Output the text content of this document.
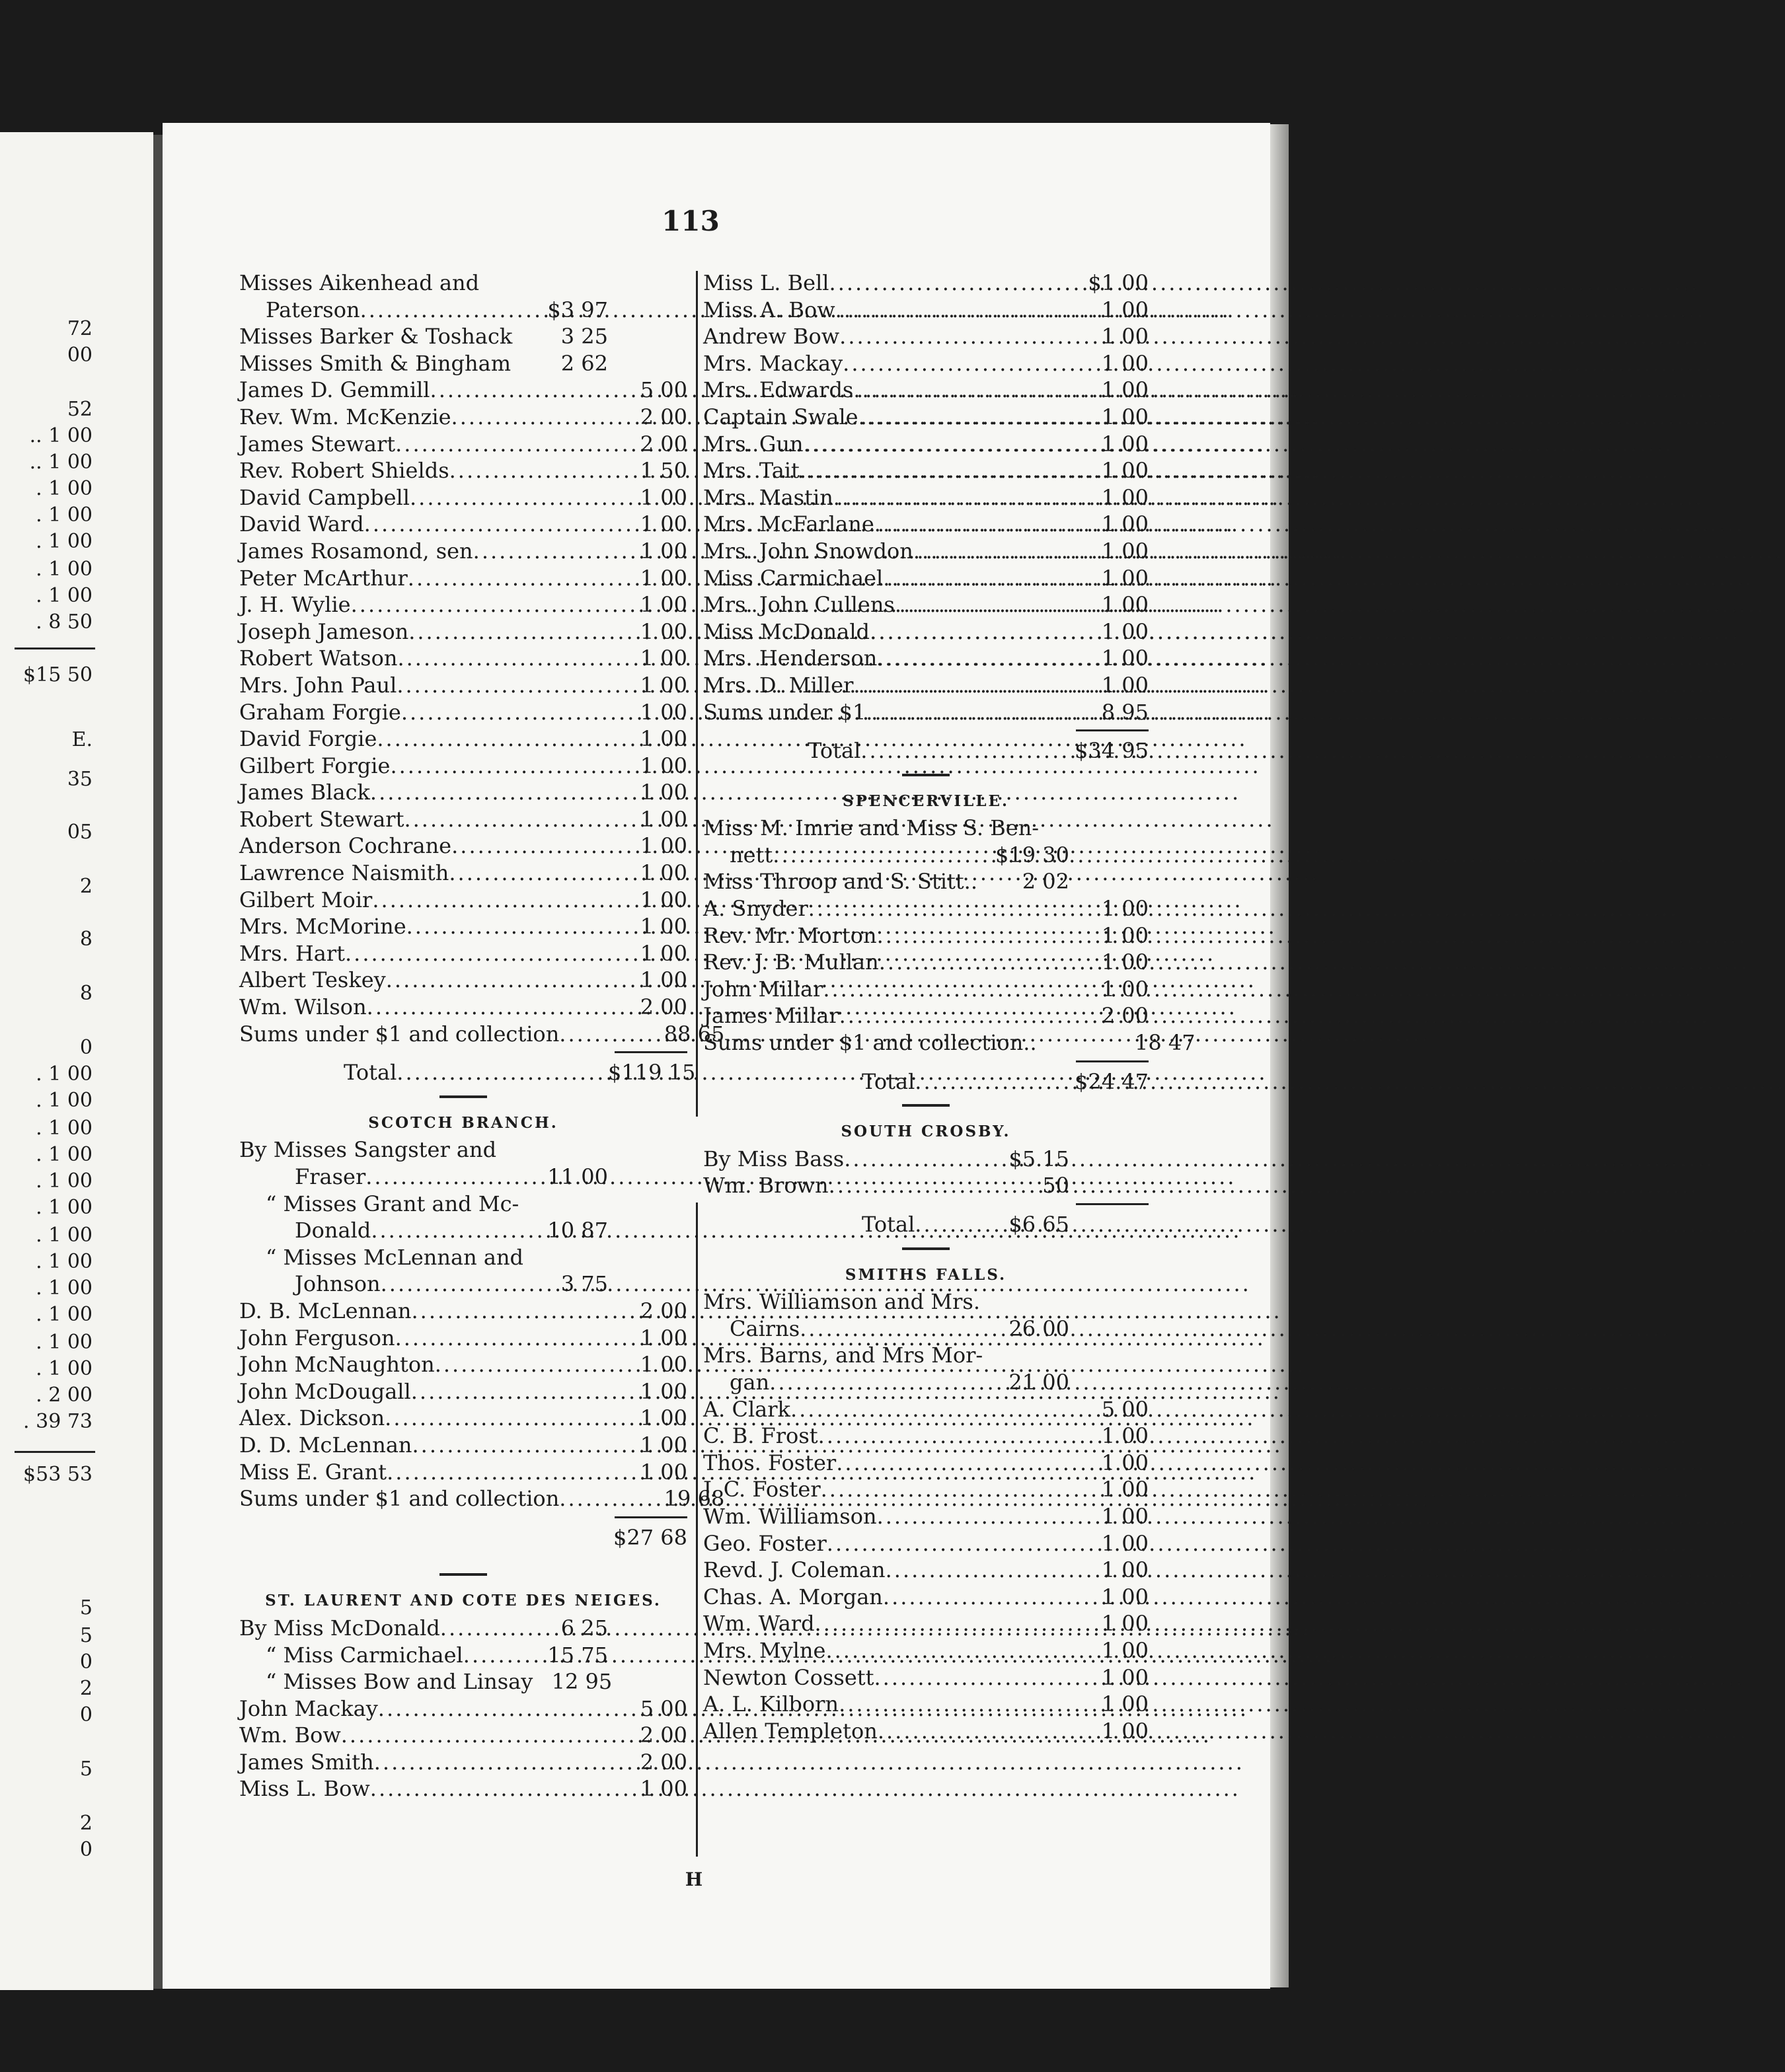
72
00
52
.. 1 00
.. 1 00
. 1 00
. 1 00
. 1 00
. 1 00
. 1 00
. 8 50
$15 50
E.
35
05
2
8
8
0
. 1 00
. 1 00
. 1 00
. 1 00
. 1 00
. 1 00
. 1 00
. 1 00
. 1 00
. 1 00
. 1 00
. 1 00
. 2 00
. 39 73
$53 53
5
5
0
2
0
5
2
0
113
Misses Aikenhead and
Paterson .....	$3 97
Misses Barker & Toshack	3 25
Misses Smith & Bingham	2 62
James D. Gemmill .....	5 00
Rev. Wm. McKenzie .....	2 00
James Stewart .....	2 00
Rev. Robert Shields .....	1 50
David Campbell .....	1 00
David Ward .....	1 00
James Rosamond, sen .....	1 00
Peter McArthur .....	1 00
J. H. Wylie .....	1 00
Joseph Jameson .....	1 00
Robert Watson .....	1 00
Mrs. John Paul .....	1 00
Graham Forgie .....	1 00
David Forgie .....	1 00
Gilbert Forgie .....	1 00
James Black .....	1 00
Robert Stewart .....	1 00
Anderson Cochrane .....	1 00
Lawrence Naismith .....	1 00
Gilbert Moir .....	1 00
Mrs. McMorine .....	1 00
Mrs. Hart .....	1 00
Albert Teskey .....	1 00
Wm. Wilson .....	2 00
Sums under $1 and collection .....	88 65
Total .....	$119 15
SCOTCH BRANCH.
By Misses Sangster and
Fraser .....	11 00
“ Misses Grant and Mc-
Donald .....	10 87
“ Misses McLennan and
Johnson .....	3 75
D. B. McLennan .....	2 00
John Ferguson .....	1 00
John McNaughton .....	1 00
John McDougall .....	1 00
Alex. Dickson .....	1 00
D. D. McLennan .....	1 00
Miss E. Grant .....	1 00
Sums under $1 and collection .....	19 68
$27 68
ST. LAURENT AND COTE DES NEIGES.
By Miss McDonald .....	6 25
“ Miss Carmichael .....	15 75
“ Misses Bow and Linsay 12 95
John Mackay .....	5 00
Wm. Bow .....	2 00
James Smith .....	2 00
Miss L. Bow .....	1 00
Miss L. Bell .....	$1 00
Miss A. Bow .....	1 00
Andrew Bow .....	1 00
Mrs. Mackay .....	1 00
Mrs. Edwards .....	1 00
Captain Swale .....	1 00
Mrs. Gun .....	1 00
Mrs. Tait .....	1 00
Mrs. Mastin .....	1 00
Mrs. McFarlane .....	1 00
Mrs. John Snowdon .....	1 00
Miss Carmichael .....	1 00
Mrs. John Cullens .....	1 00
Miss McDonald .....	1 00
Mrs. Henderson .....	1 00
Mrs. D. Miller .....	1 00
Sums under $1 .....	8 95
Total .....	$34 95
SPENCERVILLE.
Miss M. Imrie and Miss S. Ben-
nett .....	$19 30
Miss Throop and S. Stitt..	2 02
A. Snyder .....	1 00
Rev. Mr. Morton .....	1 00
Rev. J. B. Mullan .....	1 00
John Millar .....	1 00
James Millar .....	2 00
Sums under $1 and collection..	18 47
Total .....	$24 47
SOUTH CROSBY.
By Miss Bass .....	$5 15
Wm. Brown .....	50
Total .....	$6 65
SMITHS FALLS.
Mrs. Williamson and Mrs.
Cairns .....	26 00
Mrs. Barns, and Mrs Mor-
gan .....	21 00
A. Clark .....	5 00
C. B. Frost .....	1 00
Thos. Foster .....	1 00
J. C. Foster .....	1 00
Wm. Williamson .....	1 00
Geo. Foster .....	1 00
Revd. J. Coleman .....	1 00
Chas. A. Morgan .....	1 00
Wm. Ward .....	1 00
Mrs. Mylne .....	1 00
Newton Cossett .....	1 00
A. L. Kilborn .....	1 00
Allen Templeton .....	1 00
H
